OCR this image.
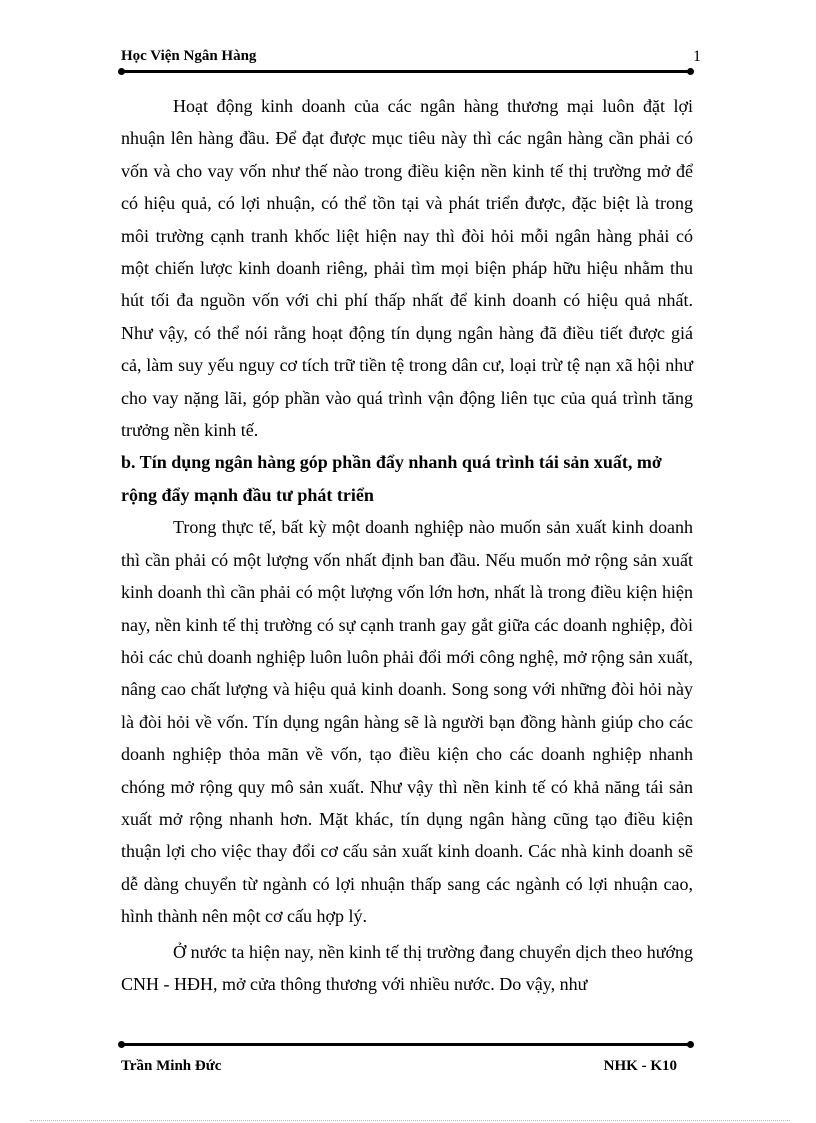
Học Viện Ngân Hàng	1

Hoạt động kinh doanh của các ngân hàng thương mại luôn đặt lợi nhuận lên hàng đầu. Để đạt được mục tiêu này thì các ngân hàng cần phải có vốn và cho vay vốn như thế nào trong điều kiện nền kinh tế thị trường mở để có hiệu quả, có lợi nhuận, có thể tồn tại và phát triển được, đặc biệt là trong môi trường cạnh tranh khốc liệt hiện nay thì đòi hỏi mỗi ngân hàng phải có một chiến lược kinh doanh riêng, phải tìm mọi biện pháp hữu hiệu nhằm thu hút tối đa nguồn vốn với chi phí thấp nhất để kinh doanh có hiệu quả nhất. Như vậy, có thể nói rằng hoạt động tín dụng ngân hàng đã điều tiết được giá cả, làm suy yếu nguy cơ tích trữ tiền tệ trong dân cư, loại trừ tệ nạn xã hội như cho vay nặng lãi, góp phần vào quá trình vận động liên tục của quá trình tăng trưởng nền kinh tế.

b. Tín dụng ngân hàng góp phần đẩy nhanh quá trình tái sản xuất, mở rộng đẩy mạnh đầu tư phát triển

Trong thực tế, bất kỳ một doanh nghiệp nào muốn sản xuất kinh doanh thì cần phải có một lượng vốn nhất định ban đầu. Nếu muốn mở rộng sản xuất kinh doanh thì cần phải có một lượng vốn lớn hơn, nhất là trong điều kiện hiện nay, nền kinh tế thị trường có sự cạnh tranh gay gắt giữa các doanh nghiệp, đòi hỏi các chủ doanh nghiệp luôn luôn phải đổi mới công nghệ, mở rộng sản xuất, nâng cao chất lượng và hiệu quả kinh doanh. Song song với những đòi hỏi này là đòi hỏi về vốn. Tín dụng ngân hàng sẽ là người bạn đồng hành giúp cho các doanh nghiệp thỏa mãn về vốn, tạo điều kiện cho các doanh nghiệp nhanh chóng mở rộng quy mô sản xuất. Như vậy thì nền kinh tế có khả năng tái sản xuất mở rộng nhanh hơn. Mặt khác, tín dụng ngân hàng cũng tạo điều kiện thuận lợi cho việc thay đổi cơ cấu sản xuất kinh doanh. Các nhà kinh doanh sẽ dễ dàng chuyển từ ngành có lợi nhuận thấp sang các ngành có lợi nhuận cao, hình thành nên một cơ cấu hợp lý.

Ở nước ta hiện nay, nền kinh tế thị trường đang chuyển dịch theo hướng CNH - HĐH, mở cửa thông thương với nhiều nước. Do vậy, như

Trần Minh Đức	NHK - K10
